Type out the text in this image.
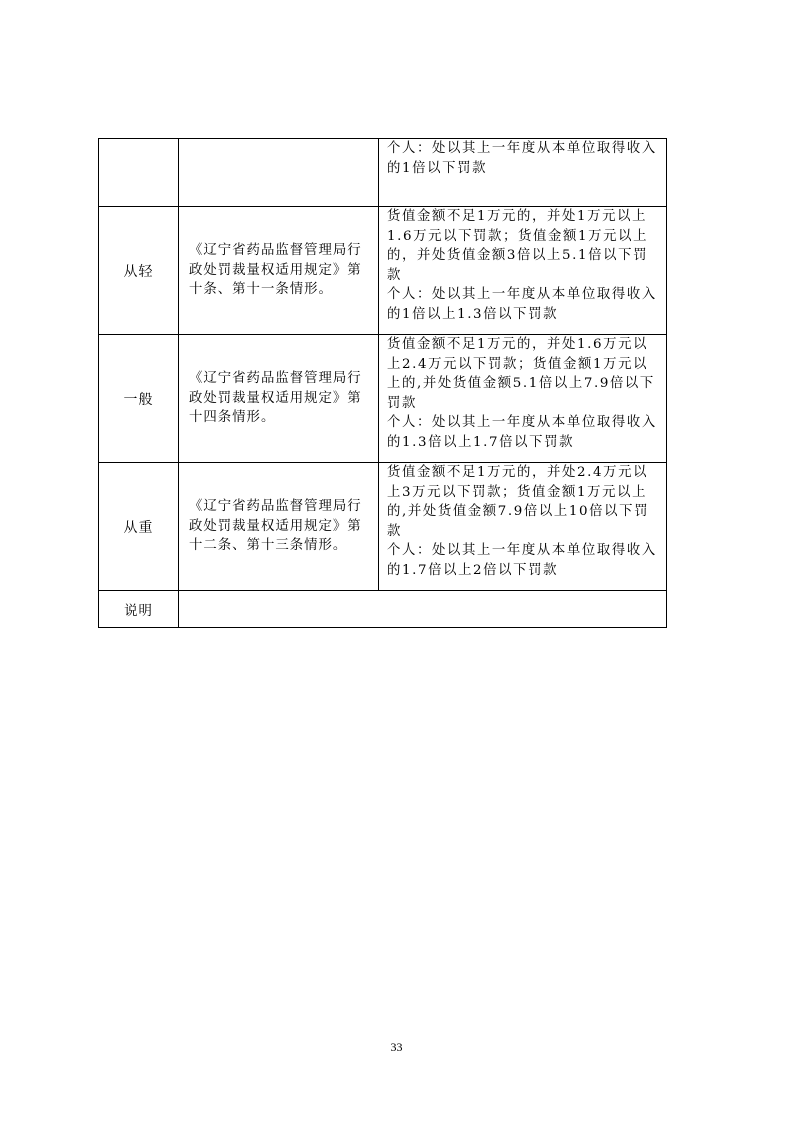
		个人：处以其上一年度从本单位取得收入的1倍以下罚款

从轻	《辽宁省药品监督管理局行政处罚裁量权适用规定》第十条、第十一条情形。	货值金额不足1万元的，并处1万元以上1.6万元以下罚款；货值金额1万元以上的，并处货值金额3倍以上5.1倍以下罚款

个人：处以其上一年度从本单位取得收入的1倍以上1.3倍以下罚款

一般	《辽宁省药品监督管理局行政处罚裁量权适用规定》第十四条情形。	货值金额不足1万元的，并处1.6万元以上2.4万元以下罚款；货值金额1万元以上的,并处货值金额5.1倍以上7.9倍以下罚款

个人：处以其上一年度从本单位取得收入的1.3倍以上1.7倍以下罚款

从重	《辽宁省药品监督管理局行政处罚裁量权适用规定》第十二条、第十三条情形。	货值金额不足1万元的，并处2.4万元以上3万元以下罚款；货值金额1万元以上的,并处货值金额7.9倍以上10倍以下罚款

个人：处以其上一年度从本单位取得收入的1.7倍以上2倍以下罚款

说明		
33
